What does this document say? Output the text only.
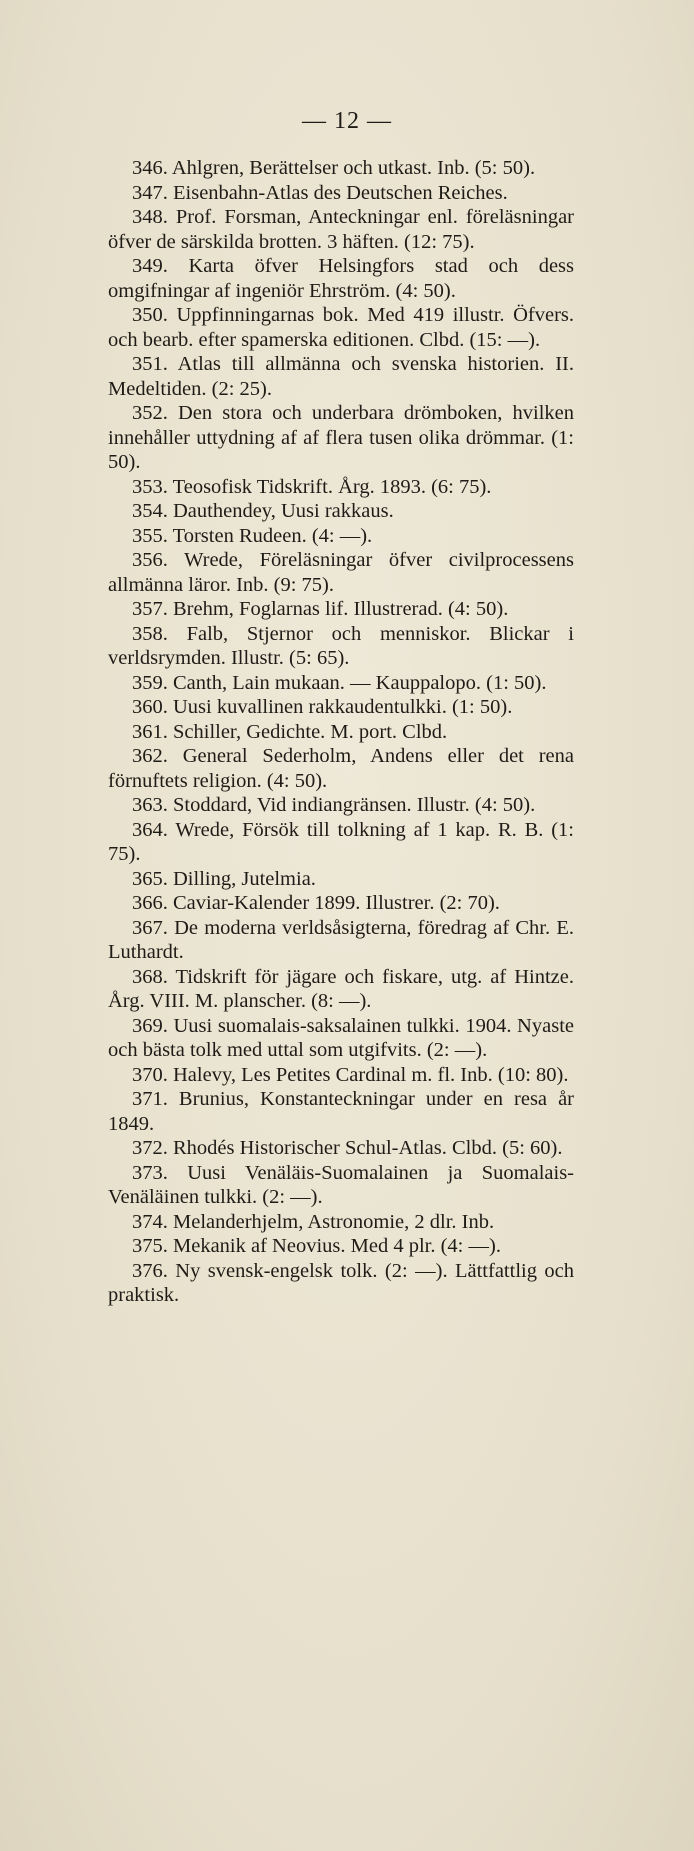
— 12 —

346. Ahlgren, Berättelser och utkast. Inb. (5: 50).

347. Eisenbahn-Atlas des Deutschen Reiches.

348. Prof. Forsman, Anteckningar enl. föreläsningar öfver de särskilda brotten. 3 häften. (12: 75).

349. Karta öfver Helsingfors stad och dess omgifningar af ingeniör Ehrström. (4: 50).

350. Uppfinningarnas bok. Med 419 illustr. Öfvers. och bearb. efter spamerska editionen. Clbd. (15: —).

351. Atlas till allmänna och svenska historien. II. Medeltiden. (2: 25).

352. Den stora och underbara drömboken, hvilken innehåller uttydning af af flera tusen olika drömmar. (1: 50).

353. Teosofisk Tidskrift. Årg. 1893. (6: 75).

354. Dauthendey, Uusi rakkaus.

355. Torsten Rudeen. (4: —).

356. Wrede, Föreläsningar öfver civilprocessens allmänna läror. Inb. (9: 75).

357. Brehm, Foglarnas lif. Illustrerad. (4: 50).

358. Falb, Stjernor och menniskor. Blickar i verldsrymden. Illustr. (5: 65).

359. Canth, Lain mukaan. — Kauppalopo. (1: 50).

360. Uusi kuvallinen rakkaudentulkki. (1: 50).

361. Schiller, Gedichte. M. port. Clbd.

362. General Sederholm, Andens eller det rena förnuftets religion. (4: 50).

363. Stoddard, Vid indiangränsen. Illustr. (4: 50).

364. Wrede, Försök till tolkning af 1 kap. R. B. (1: 75).

365. Dilling, Jutelmia.

366. Caviar-Kalender 1899. Illustrer. (2: 70).

367. De moderna verldsåsigterna, föredrag af Chr. E. Luthardt.

368. Tidskrift för jägare och fiskare, utg. af Hintze. Årg. VIII. M. planscher. (8: —).

369. Uusi suomalais-saksalainen tulkki. 1904. Nyaste och bästa tolk med uttal som utgifvits. (2: —).

370. Halevy, Les Petites Cardinal m. fl. Inb. (10: 80).

371. Brunius, Konstanteckningar under en resa år 1849.

372. Rhodés Historischer Schul-Atlas. Clbd. (5: 60).

373. Uusi Venäläis-Suomalainen ja Suomalais-Venäläinen tulkki. (2: —).

374. Melanderhjelm, Astronomie, 2 dlr. Inb.

375. Mekanik af Neovius. Med 4 plr. (4: —).

376. Ny svensk-engelsk tolk. (2: —). Lättfattlig och praktisk.
